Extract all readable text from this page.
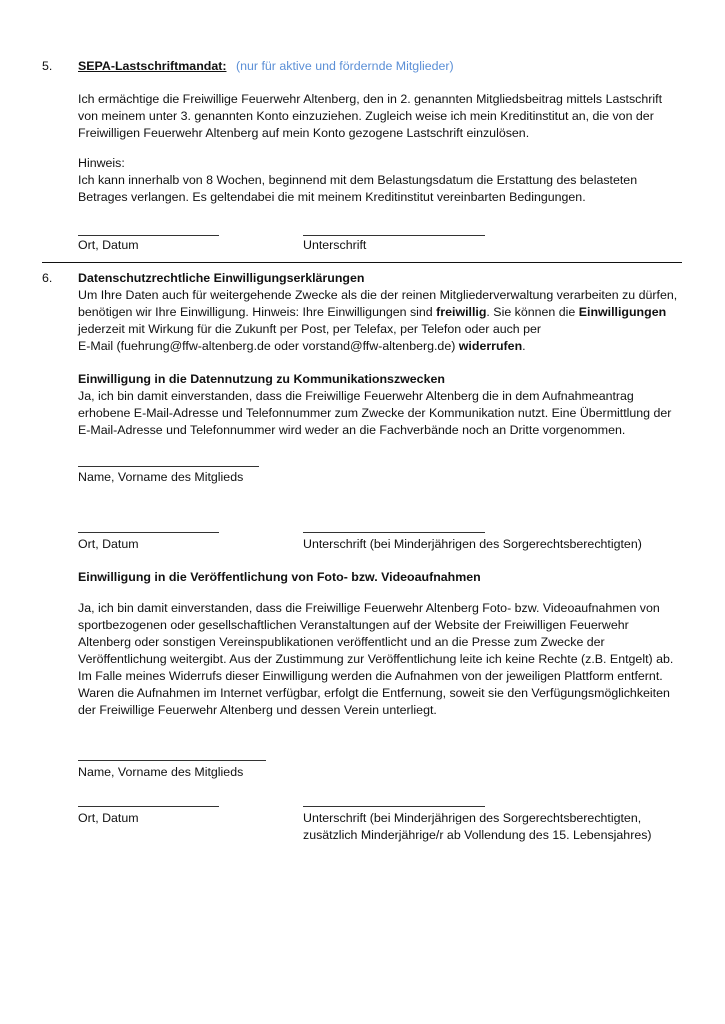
5. SEPA-Lastschriftmandat: (nur für aktive und fördernde Mitglieder)

Ich ermächtige die Freiwillige Feuerwehr Altenberg, den in 2. genannten Mitgliedsbeitrag mittels Lastschrift

von meinem unter 3. genannten Konto einzuziehen. Zugleich weise ich mein Kreditinstitut an, die von der

Freiwilligen Feuerwehr Altenberg auf mein Konto gezogene Lastschrift einzulösen.

Hinweis:

Ich kann innerhalb von 8 Wochen, beginnend mit dem Belastungsdatum die Erstattung des belasteten

Betrages verlangen. Es geltendabei die mit meinem Kreditinstitut vereinbarten Bedingungen.

Ort, Datum	Unterschrift
6. Datenschutzrechtliche Einwilligungserklärungen

Um Ihre Daten auch für weitergehende Zwecke als die der reinen Mitgliederverwaltung verarbeiten zu dürfen,

benötigen wir Ihre Einwilligung. Hinweis: Ihre Einwilligungen sind freiwillig. Sie können die Einwilligungen

jederzeit mit Wirkung für die Zukunft per Post, per Telefax, per Telefon oder auch per

E-Mail (fuehrung@ffw-altenberg.de oder vorstand@ffw-altenberg.de) widerrufen.

Einwilligung in die Datennutzung zu Kommunikationszwecken

Ja, ich bin damit einverstanden, dass die Freiwillige Feuerwehr Altenberg die in dem Aufnahmeantrag

erhobene E-Mail-Adresse und Telefonnummer zum Zwecke der Kommunikation nutzt. Eine Übermittlung der

E-Mail-Adresse und Telefonnummer wird weder an die Fachverbände noch an Dritte vorgenommen.

Name, Vorname des Mitglieds
Ort, Datum	Unterschrift (bei Minderjährigen des Sorgerechtsberechtigten)
Einwilligung in die Veröffentlichung von Foto- bzw. Videoaufnahmen

Ja, ich bin damit einverstanden, dass die Freiwillige Feuerwehr Altenberg Foto- bzw. Videoaufnahmen von

sportbezogenen oder gesellschaftlichen Veranstaltungen auf der Website der Freiwilligen Feuerwehr

Altenberg oder sonstigen Vereinspublikationen veröffentlicht und an die Presse zum Zwecke der

Veröffentlichung weitergibt. Aus der Zustimmung zur Veröffentlichung leite ich keine Rechte (z.B. Entgelt) ab.

Im Falle meines Widerrufs dieser Einwilligung werden die Aufnahmen von der jeweiligen Plattform entfernt.

Waren die Aufnahmen im Internet verfügbar, erfolgt die Entfernung, soweit sie den Verfügungsmöglichkeiten

der Freiwillige Feuerwehr Altenberg und dessen Verein unterliegt.

Name, Vorname des Mitglieds
Ort, Datum	Unterschrift (bei Minderjährigen des Sorgerechtsberechtigten,

zusätzlich Minderjährige/r ab Vollendung des 15. Lebensjahres)
